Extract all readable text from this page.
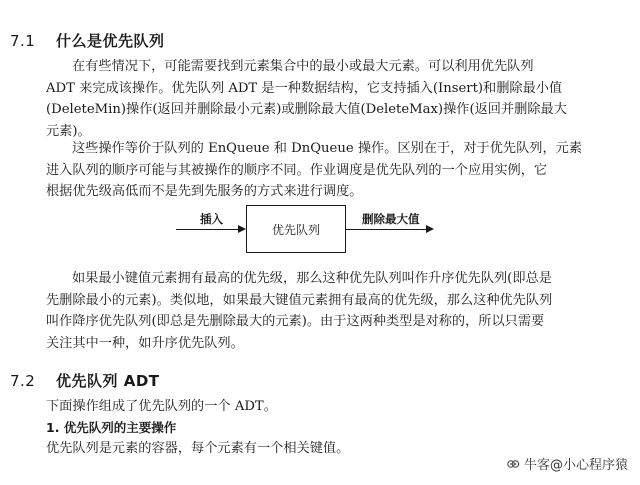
7.1 什么是优先队列
在有些情况下，可能需要找到元素集合中的最小或最大元素。可以利用优先队列
ADT 来完成该操作。优先队列 ADT 是一种数据结构，它支持插入(Insert)和删除最小值
(DeleteMin)操作(返回并删除最小元素)或删除最大值(DeleteMax)操作(返回并删除最大
元素)。
这些操作等价于队列的 EnQueue 和 DnQueue 操作。区别在于，对于优先队列，元素
进入队列的顺序可能与其被操作的顺序不同。作业调度是优先队列的一个应用实例，它
根据优先级高低而不是先到先服务的方式来进行调度。
插入
优先队列
删除最大值
如果最小键值元素拥有最高的优先级，那么这种优先队列叫作升序优先队列(即总是
先删除最小的元素)。类似地，如果最大键值元素拥有最高的优先级，那么这种优先队列
叫作降序优先队列(即总是先删除最大的元素)。由于这两种类型是对称的，所以只需要
关注其中一种，如升序优先队列。
7.2 优先队列 ADT
下面操作组成了优先队列的一个 ADT。
1. 优先队列的主要操作
优先队列是元素的容器，每个元素有一个相关键值。
牛客@小心程序猿
